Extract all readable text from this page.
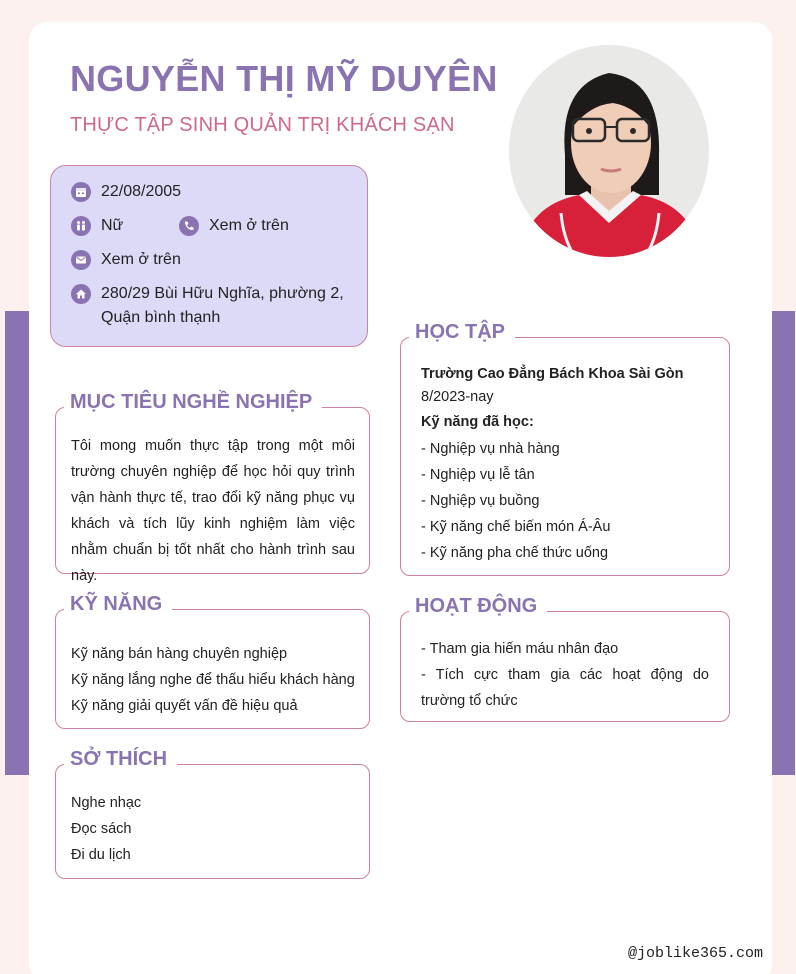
NGUYỄN THỊ MỸ DUYÊN
THỰC TẬP SINH QUẢN TRỊ KHÁCH SẠN
22/08/2005
Nữ	Xem ở trên
Xem ở trên
280/29 Bùi Hữu Nghĩa, phường 2, Quận bình thạnh
MỤC TIÊU NGHỀ NGHIỆP
Tôi mong muốn thực tập trong một môi trường chuyên nghiệp để học hỏi quy trình vận hành thực tế, trao đổi kỹ năng phục vụ khách và tích lũy kinh nghiệm làm việc nhằm chuẩn bị tốt nhất cho hành trình sau này.
KỸ NĂNG
Kỹ năng bán hàng chuyên nghiệp
Kỹ năng lắng nghe để thấu hiểu khách hàng
Kỹ năng giải quyết vấn đề hiệu quả
SỞ THÍCH
Nghe nhạc
Đọc sách
Đi du lịch
HỌC TẬP
Trường Cao Đẳng Bách Khoa Sài Gòn
8/2023-nay
Kỹ năng đã học:
- Nghiệp vụ nhà hàng
- Nghiệp vụ lễ tân
- Nghiệp vụ buồng
- Kỹ năng chế biến món Á-Âu
- Kỹ năng pha chế thức uống
HOẠT ĐỘNG
- Tham gia hiến máu nhân đạo
- Tích cực tham gia các hoạt động do trường tổ chức
@joblike365.com
